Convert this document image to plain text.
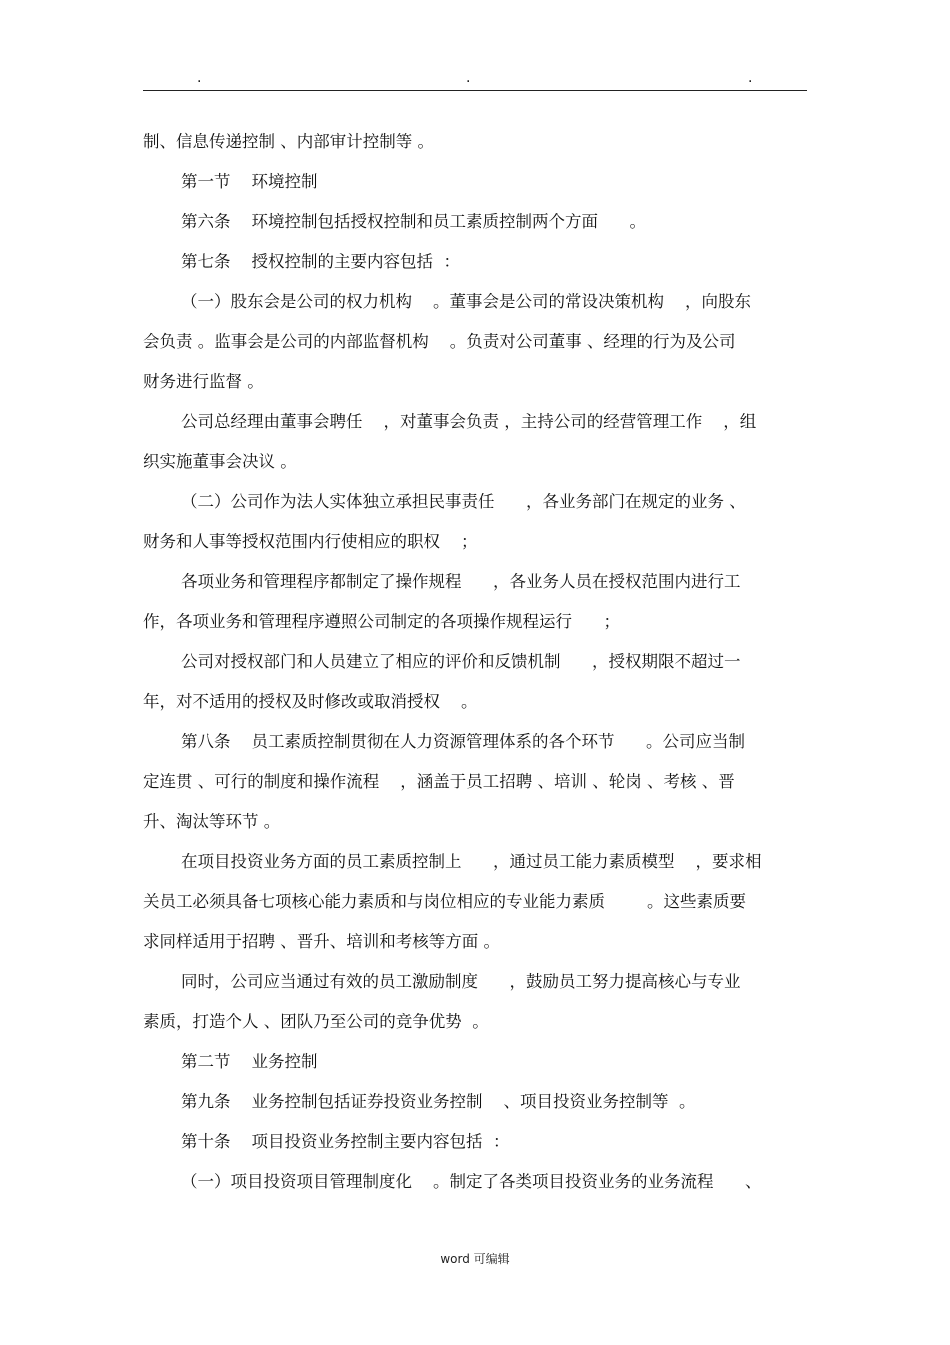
.	.	.

制、信息传递控制 、内部审计控制等 。

第一节    环境控制

第六条    环境控制包括授权控制和员工素质控制两个方面      。

第七条    授权控制的主要内容包括  ：

（一）股东会是公司的权力机构    。董事会是公司的常设决策机构    ，向股东

会负责 。监事会是公司的内部监督机构    。负责对公司董事 、经理的行为及公司

财务进行监督 。

公司总经理由董事会聘任    ，对董事会负责 ，主持公司的经营管理工作    ，组

织实施董事会决议 。

（二）公司作为法人实体独立承担民事责任      ，各业务部门在规定的业务 、

财务和人事等授权范围内行使相应的职权    ；

各项业务和管理程序都制定了操作规程      ，各业务人员在授权范围内进行工

作，各项业务和管理程序遵照公司制定的各项操作规程运行      ；

公司对授权部门和人员建立了相应的评价和反馈机制      ，授权期限不超过一

年，对不适用的授权及时修改或取消授权    。

第八条    员工素质控制贯彻在人力资源管理体系的各个环节      。公司应当制

定连贯 、可行的制度和操作流程    ，涵盖于员工招聘 、培训 、轮岗 、考核 、晋

升、淘汰等环节 。

在项目投资业务方面的员工素质控制上      ，通过员工能力素质模型    ，要求相

关员工必须具备七项核心能力素质和与岗位相应的专业能力素质        。这些素质要

求同样适用于招聘 、晋升、培训和考核等方面 。

同时，公司应当通过有效的员工激励制度      ，鼓励员工努力提高核心与专业

素质，打造个人 、团队乃至公司的竞争优势  。

第二节    业务控制

第九条    业务控制包括证券投资业务控制    、项目投资业务控制等  。

第十条    项目投资业务控制主要内容包括  ：

（一）项目投资项目管理制度化    。制定了各类项目投资业务的业务流程      、

word 可编辑
